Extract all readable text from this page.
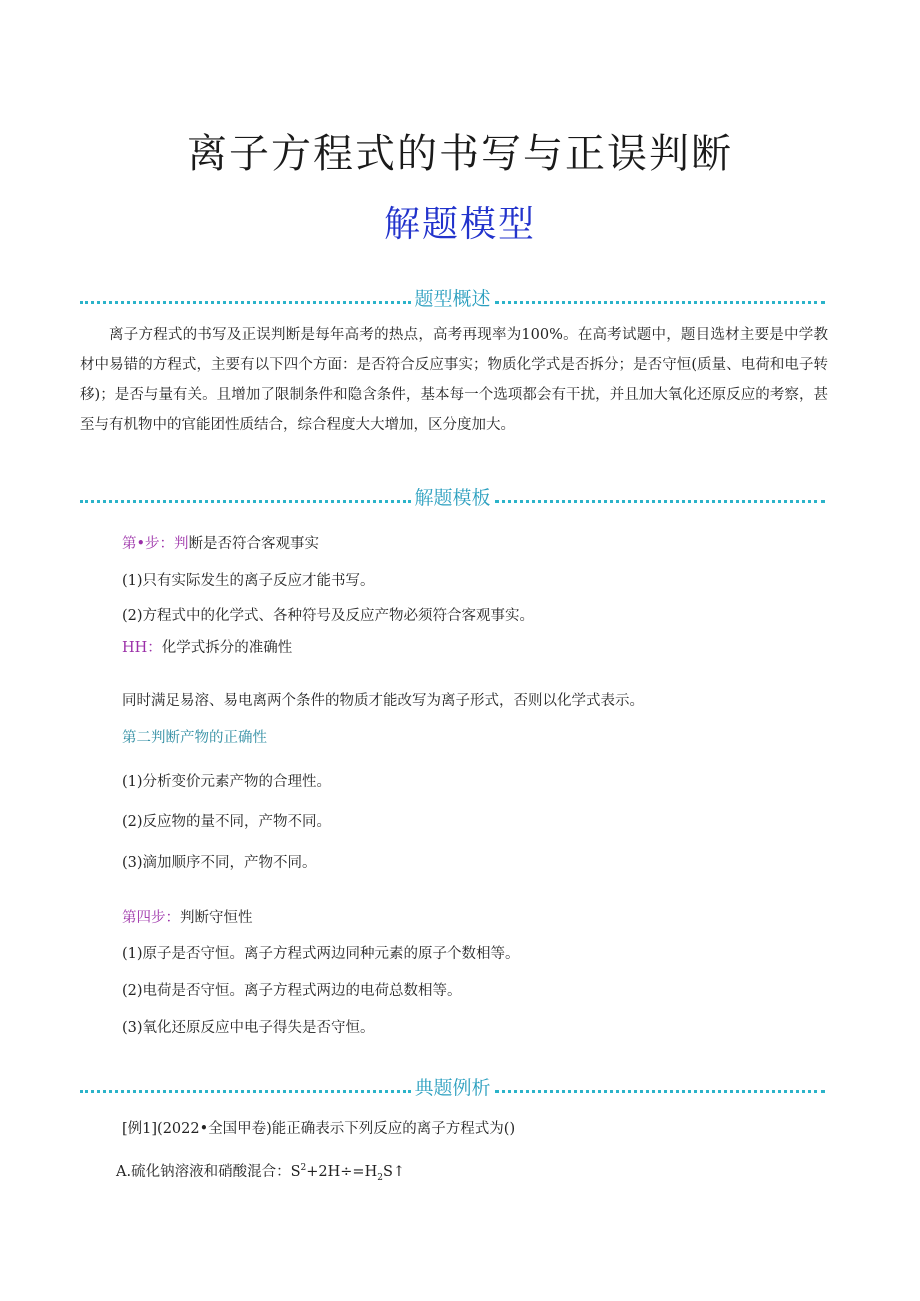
离子方程式的书写与正误判断
解题模型
题型概述
离子方程式的书写及正误判断是每年高考的热点，高考再现率为100%。在高考试题中，题目选材主要是中学教材中易错的方程式，主要有以下四个方面：是否符合反应事实；物质化学式是否拆分；是否守恒(质量、电荷和电子转移)；是否与量有关。且增加了限制条件和隐含条件，基本每一个选项都会有干扰，并且加大氧化还原反应的考察，甚至与有机物中的官能团性质结合，综合程度大大增加，区分度加大。
解题模板
第•步：判断是否符合客观事实
(1)只有实际发生的离子反应才能书写。
(2)方程式中的化学式、各种符号及反应产物必须符合客观事实。
HH：化学式拆分的准确性
同时满足易溶、易电离两个条件的物质才能改写为离子形式，否则以化学式表示。
第二判断产物的正确性
(1)分析变价元素产物的合理性。
(2)反应物的量不同，产物不同。
(3)滴加顺序不同，产物不同。
第四步：判断守恒性
(1)原子是否守恒。离子方程式两边同种元素的原子个数相等。
(2)电荷是否守恒。离子方程式两边的电荷总数相等。
(3)氧化还原反应中电子得失是否守恒。
典题例析
[例1](2022•全国甲卷)能正确表示下列反应的离子方程式为()
A.硫化钠溶液和硝酸混合：$S^2+2H\div=H_2S↑$
